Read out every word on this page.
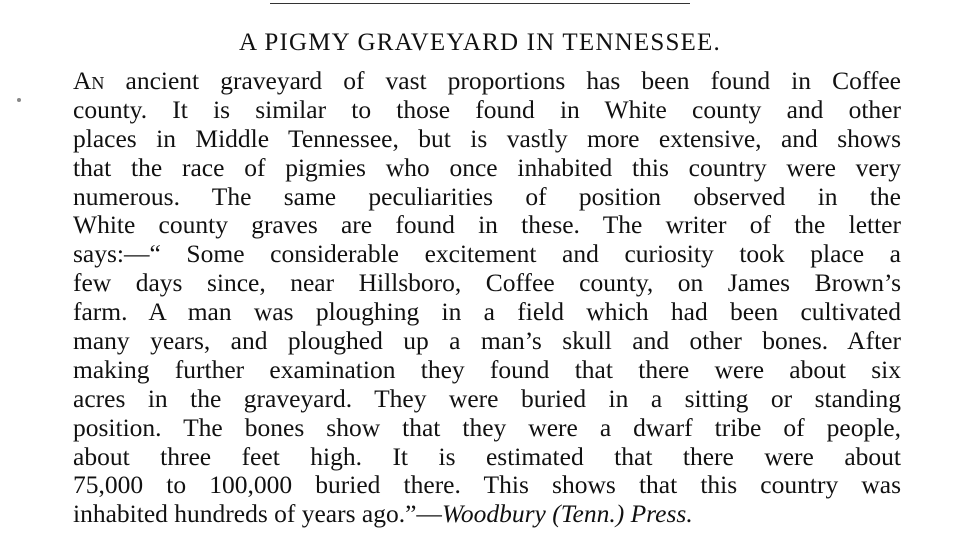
A PIGMY GRAVEYARD IN TENNESSEE.
An ancient graveyard of vast proportions has been found in Coffee
county. It is similar to those found in White county and other
places in Middle Tennessee, but is vastly more extensive, and shows
that the race of pigmies who once inhabited this country were very
numerous. The same peculiarities of position observed in the
White county graves are found in these. The writer of the letter
says:—“ Some considerable excitement and curiosity took place a
few days since, near Hillsboro, Coffee county, on James Brown’s
farm. A man was ploughing in a field which had been cultivated
many years, and ploughed up a man’s skull and other bones. After
making further examination they found that there were about six
acres in the graveyard. They were buried in a sitting or standing
position. The bones show that they were a dwarf tribe of people,
about three feet high. It is estimated that there were about
75,000 to 100,000 buried there. This shows that this country was
inhabited hundreds of years ago.”—Woodbury (Tenn.) Press.
